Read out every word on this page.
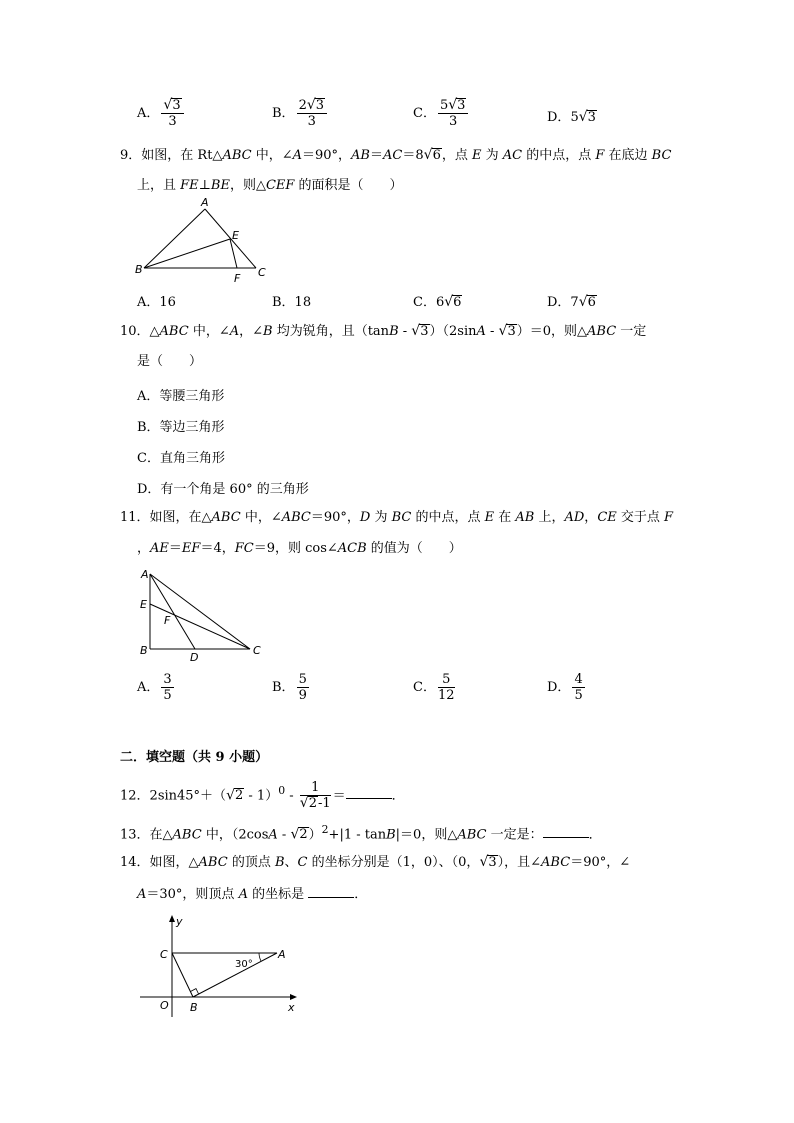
A． $\frac{√3}{3}$	B． $\frac{2√3}{3}$	C． $\frac{5√3}{3}$	D．5√3
9．如图，在 Rt△ABC 中，∠A＝90°，AB＝AC＝8√6，点 E 为 AC 的中点，点 F 在底边 BC
上，且 FE⊥BE，则△CEF 的面积是（　　）
A
B	C
E
F
A．16	B．18	C．6√6	D．7√6
10．△ABC 中，∠A，∠B 均为锐角，且（tanB - √3）（2sinA - √3）＝0，则△ABC 一定
是（　　）
A．等腰三角形
B．等边三角形
C．直角三角形
D．有一个角是 60° 的三角形
11．如图，在△ABC 中，∠ABC＝90°，D 为 BC 的中点，点 E 在 AB 上，AD，CE 交于点 F
，AE＝EF＝4，FC＝9，则 cos∠ACB 的值为（　　）
A
E
F
B
D
C
A． $\frac{3}{5}$	B． $\frac{5}{9}$	C． $\frac{5}{12}$	D． $\frac{4}{5}$
二．填空题（共 9 小题）
12．$2\sin 45^\circ+(√2 - 1)^0 - \frac{1}{√2-1}$ ＝	．
13．在△ABC 中，（2cosA - √2）$^2$+|1 - tanB|＝0，则△ABC 一定是：	．
14．如图，△ABC 的顶点 B、C 的坐标分别是（1，0）、（0，√3），且∠ABC＝90°，∠
A＝30°，则顶点 A 的坐标是	．
y
x
C	A
O B
30°
